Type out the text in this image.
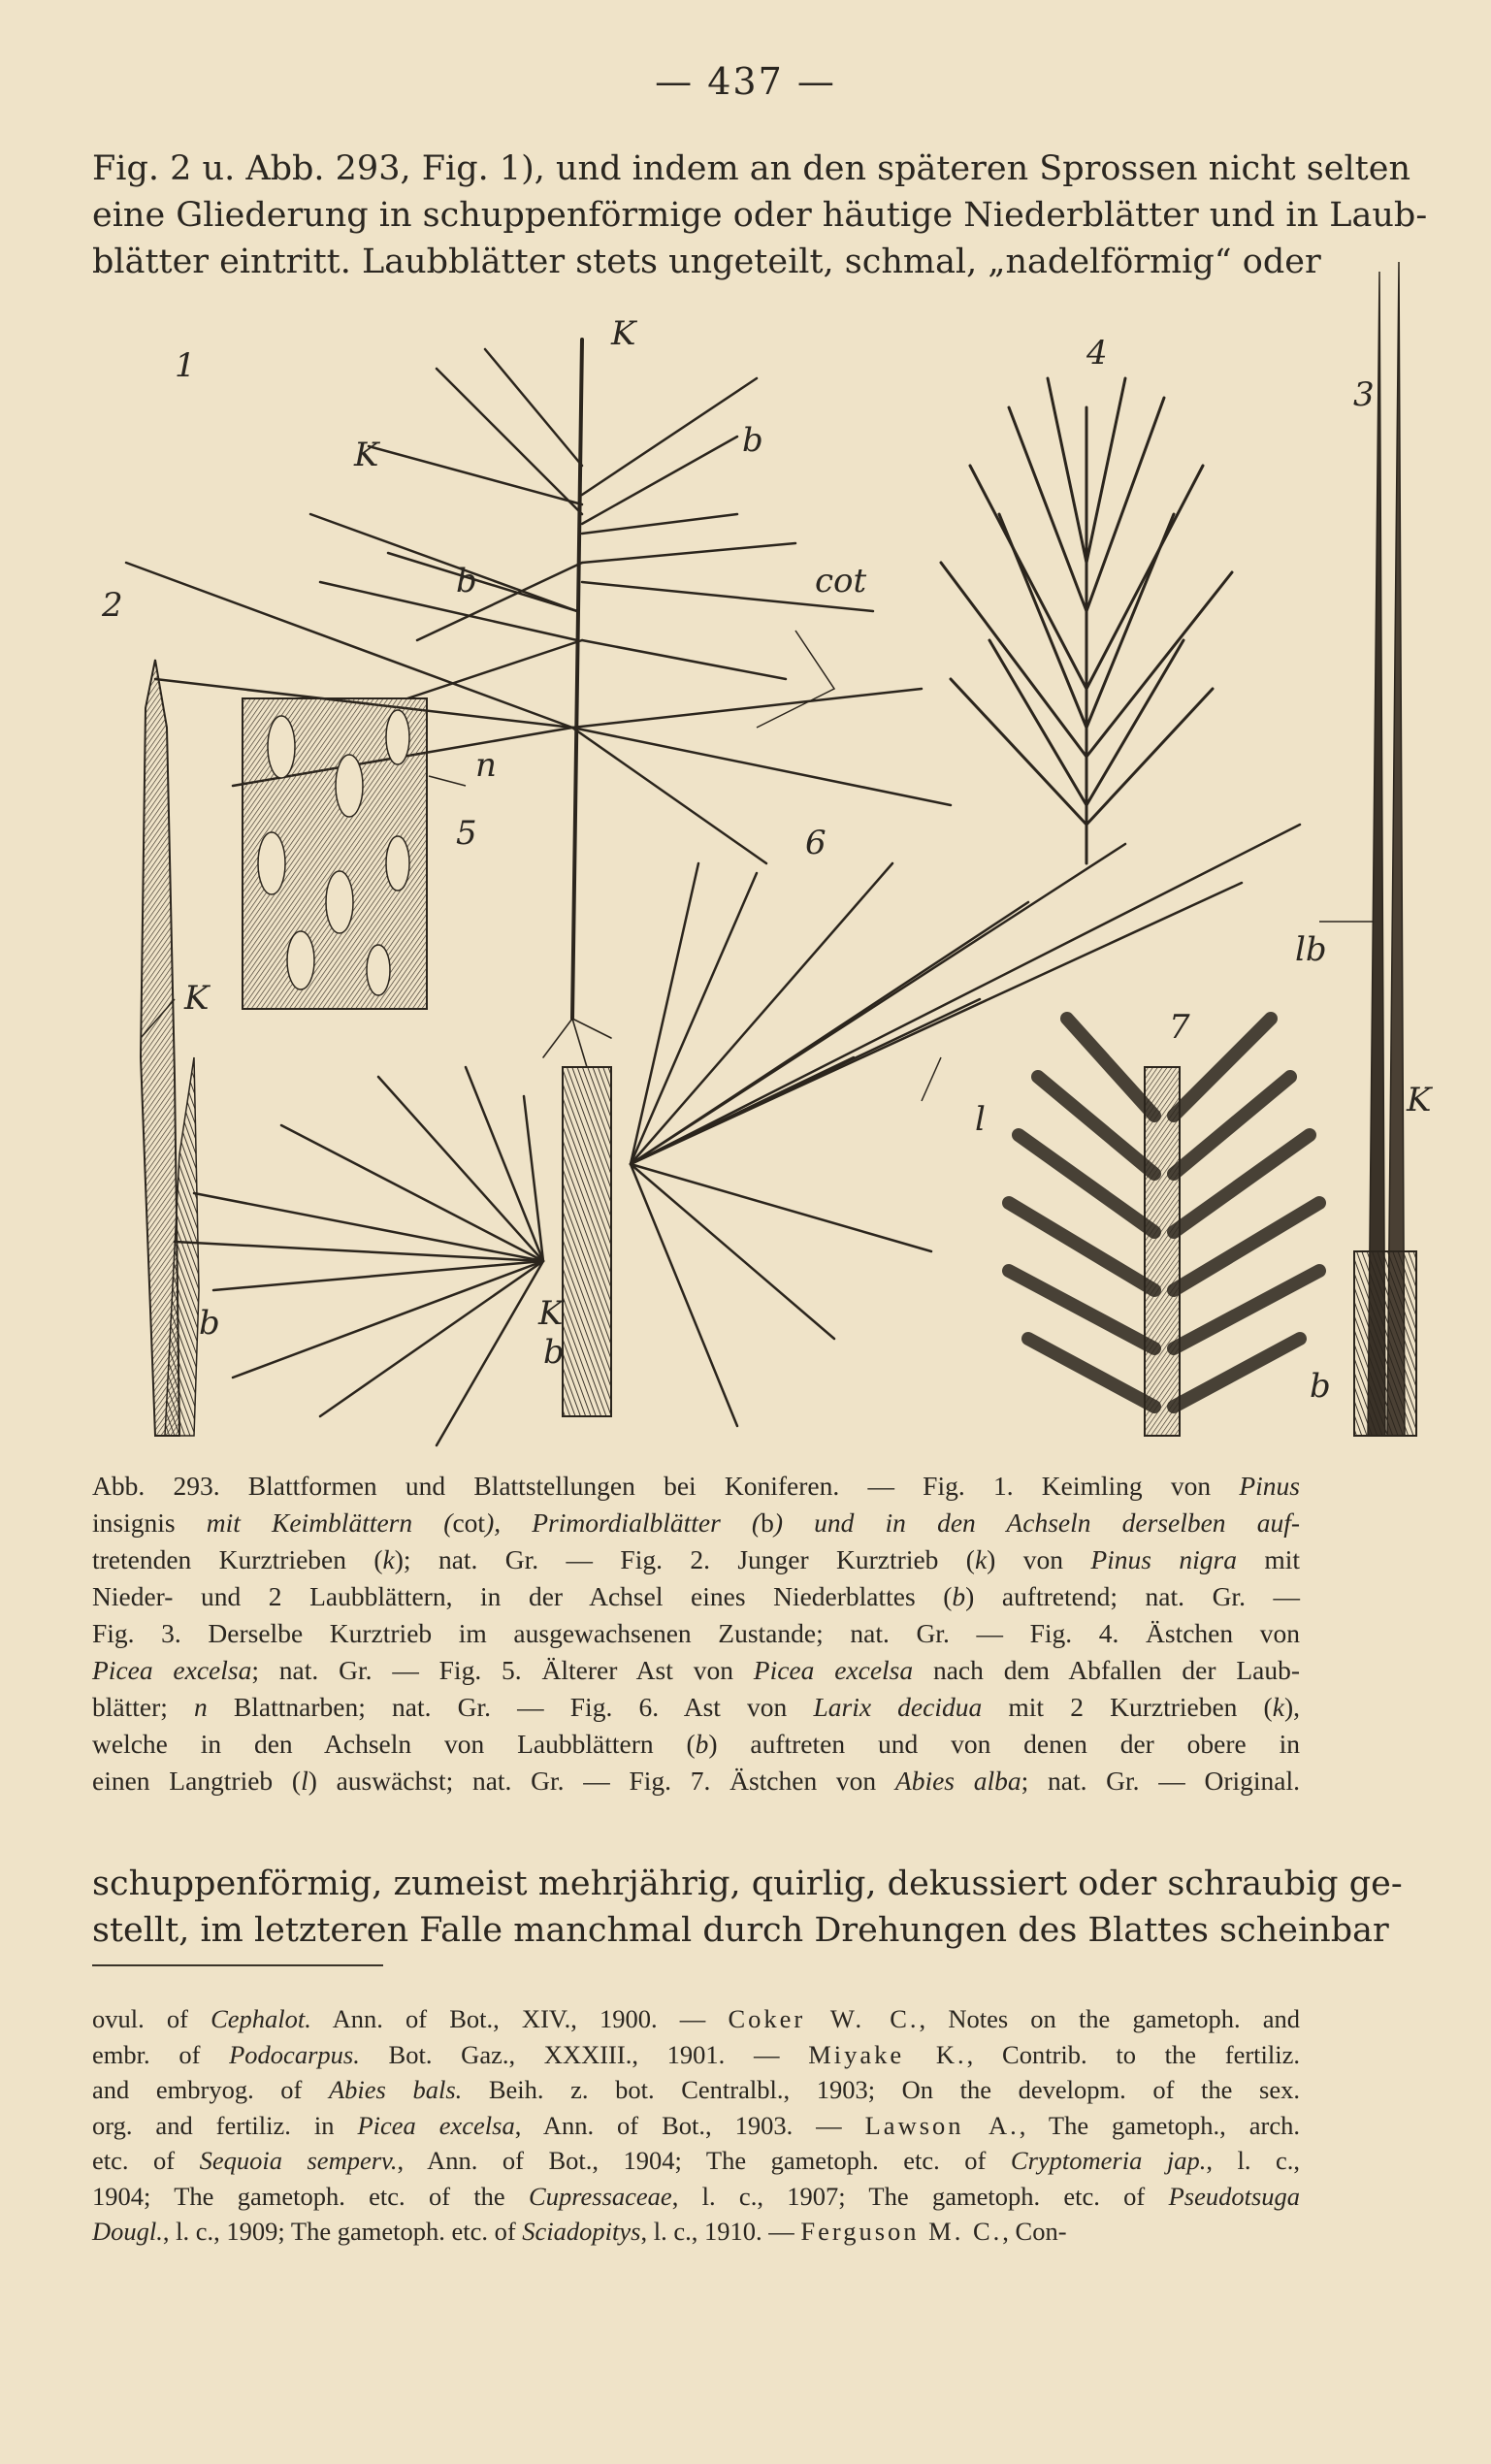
— 437 —
Fig. 2 u. Abb. 293, Fig. 1), und indem an den späteren Sprossen nicht selten
eine Gliederung in schuppenförmige oder häutige Niederblätter und in Laub-
blätter eintritt. Laubblätter stets ungeteilt, schmal, „nadelförmig“ oder
1
2
3
4
5	6
7
K
K	b
b	cot
n
K
b
lb
K
b
l
K
b
Abb. 293. Blattformen und Blattstellungen bei Koniferen. — Fig. 1. Keimling von Pinus
insignis mit Keimblättern (cot), Primordialblätter (b) und in den Achseln derselben auf-
tretenden Kurztrieben (k); nat. Gr. — Fig. 2. Junger Kurztrieb (k) von Pinus nigra mit
Nieder- und 2 Laubblättern, in der Achsel eines Niederblattes (b) auftretend; nat. Gr. —
Fig. 3. Derselbe Kurztrieb im ausgewachsenen Zustande; nat. Gr. — Fig. 4. Ästchen von
Picea excelsa; nat. Gr. — Fig. 5. Älterer Ast von Picea excelsa nach dem Abfallen der Laub-
blätter; n Blattnarben; nat. Gr. — Fig. 6. Ast von Larix decidua mit 2 Kurztrieben (k),
welche in den Achseln von Laubblättern (b) auftreten und von denen der obere in
einen Langtrieb (l) auswächst; nat. Gr. — Fig. 7. Ästchen von Abies alba; nat. Gr. — Original.
schuppenförmig, zumeist mehrjährig, quirlig, dekussiert oder schraubig ge-
stellt, im letzteren Falle manchmal durch Drehungen des Blattes scheinbar
ovul. of Cephalot. Ann. of Bot., XIV., 1900. — Coker W. C., Notes on the gametoph. and
embr. of Podocarpus. Bot. Gaz., XXXIII., 1901. — Miyake K., Contrib. to the fertiliz.
and embryog. of Abies bals. Beih. z. bot. Centralbl., 1903; On the developm. of the sex.
org. and fertiliz. in Picea excelsa, Ann. of Bot., 1903. — Lawson A., The gametoph., arch.
etc. of Sequoia semperv., Ann. of Bot., 1904; The gametoph. etc. of Cryptomeria jap., l. c.,
1904; The gametoph. etc. of the Cupressaceae, l. c., 1907; The gametoph. etc. of Pseudotsuga
Dougl., l. c., 1909; The gametoph. etc. of Sciadopitys, l. c., 1910. — Ferguson M. C., Con-
